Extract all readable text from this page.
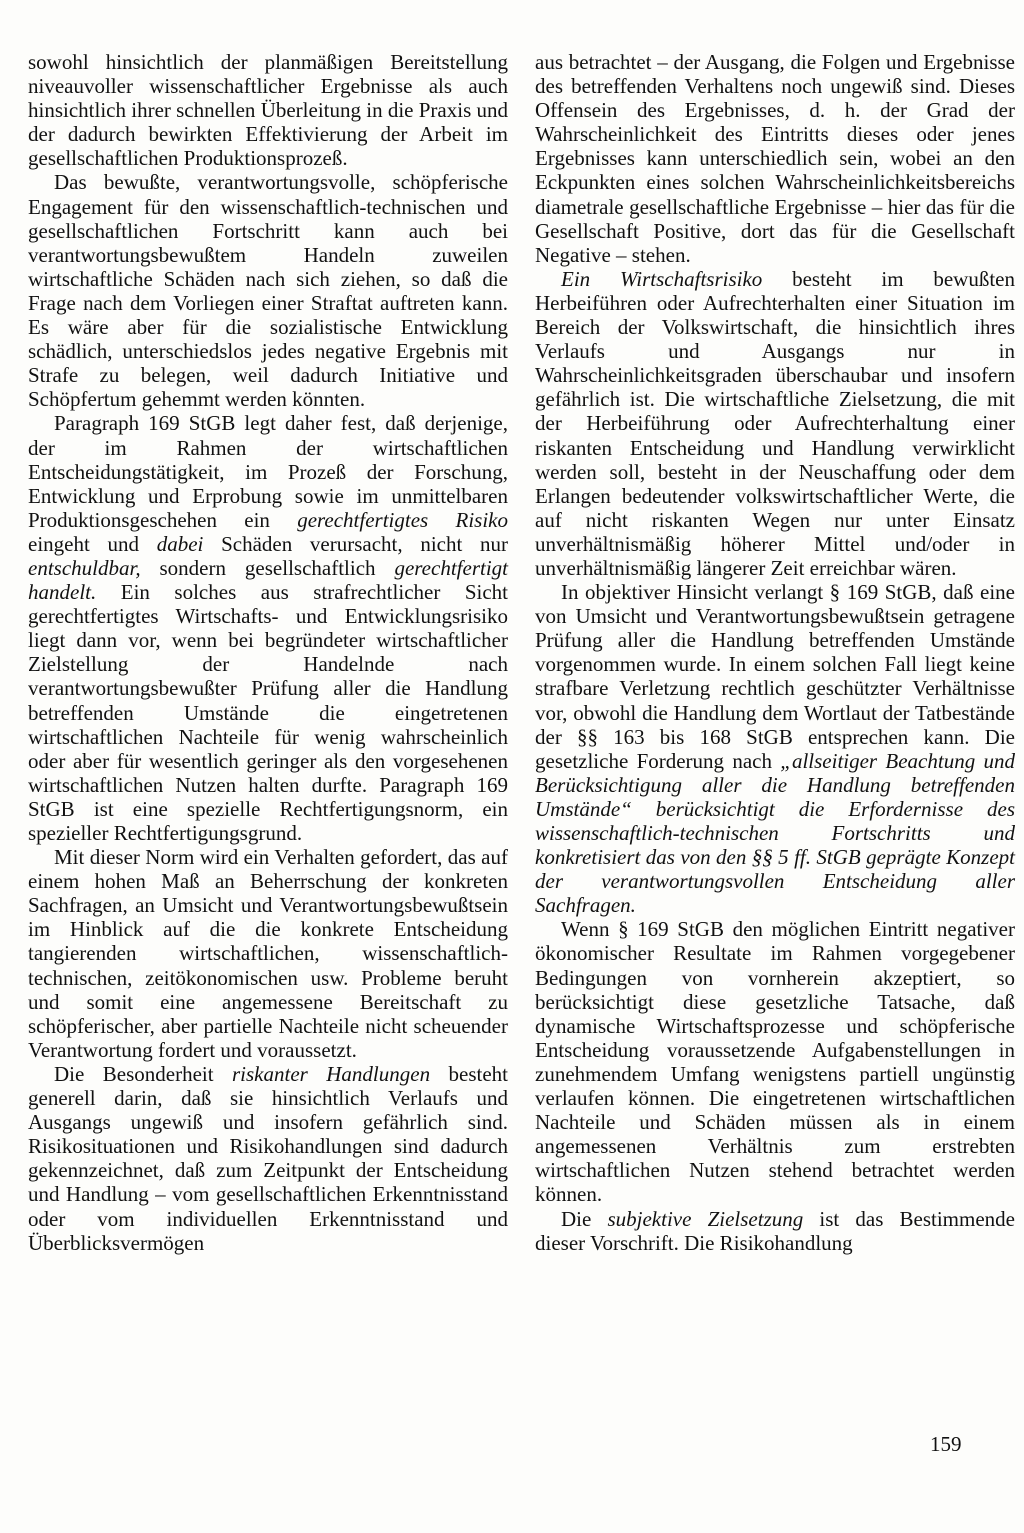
sowohl hinsichtlich der planmäßigen Bereitstellung niveauvoller wissenschaftlicher Ergebnisse als auch hinsichtlich ihrer schnellen Überleitung in die Praxis und der dadurch bewirkten Effektivierung der Arbeit im gesellschaftlichen Produktionsprozeß.

Das bewußte, verantwortungsvolle, schöpferische Engagement für den wissenschaftlich-technischen und gesellschaftlichen Fortschritt kann auch bei verantwortungsbewußtem Handeln zuweilen wirtschaftliche Schäden nach sich ziehen, so daß die Frage nach dem Vorliegen einer Straftat auftreten kann. Es wäre aber für die sozialistische Entwicklung schädlich, unterschiedslos jedes negative Ergebnis mit Strafe zu belegen, weil dadurch Initiative und Schöpfertum gehemmt werden könnten.

Paragraph 169 StGB legt daher fest, daß derjenige, der im Rahmen der wirtschaftlichen Entscheidungstätigkeit, im Prozeß der Forschung, Entwicklung und Erprobung sowie im unmittelbaren Produktionsgeschehen ein gerechtfertigtes Risiko eingeht und dabei Schäden verursacht, nicht nur entschuldbar, sondern gesellschaftlich gerechtfertigt handelt. Ein solches aus strafrechtlicher Sicht gerechtfertigtes Wirtschafts- und Entwicklungsrisiko liegt dann vor, wenn bei begründeter wirtschaftlicher Zielstellung der Handelnde nach verantwortungsbewußter Prüfung aller die Handlung betreffenden Umstände die eingetretenen wirtschaftlichen Nachteile für wenig wahrscheinlich oder aber für wesentlich geringer als den vorgesehenen wirtschaftlichen Nutzen halten durfte. Paragraph 169 StGB ist eine spezielle Rechtfertigungsnorm, ein spezieller Rechtfertigungsgrund.

Mit dieser Norm wird ein Verhalten gefordert, das auf einem hohen Maß an Beherrschung der konkreten Sachfragen, an Umsicht und Verantwortungsbewußtsein im Hinblick auf die die konkrete Entscheidung tangierenden wirtschaftlichen, wissenschaftlich-technischen, zeitökonomischen usw. Probleme beruht und somit eine angemessene Bereitschaft zu schöpferischer, aber partielle Nachteile nicht scheuender Verantwortung fordert und voraussetzt.

Die Besonderheit riskanter Handlungen besteht generell darin, daß sie hinsichtlich Verlaufs und Ausgangs ungewiß und insofern gefährlich sind. Risikosituationen und Risikohandlungen sind dadurch gekennzeichnet, daß zum Zeitpunkt der Entscheidung und Handlung – vom gesellschaftlichen Erkenntnisstand oder vom individuellen Erkenntnisstand und Überblicksvermögen

aus betrachtet – der Ausgang, die Folgen und Ergebnisse des betreffenden Verhaltens noch ungewiß sind. Dieses Offensein des Ergebnisses, d. h. der Grad der Wahrscheinlichkeit des Eintritts dieses oder jenes Ergebnisses kann unterschiedlich sein, wobei an den Eckpunkten eines solchen Wahrscheinlichkeitsbereichs diametrale gesellschaftliche Ergebnisse – hier das für die Gesellschaft Positive, dort das für die Gesellschaft Negative – stehen.

Ein Wirtschaftsrisiko besteht im bewußten Herbeiführen oder Aufrechterhalten einer Situation im Bereich der Volkswirtschaft, die hinsichtlich ihres Verlaufs und Ausgangs nur in Wahrscheinlichkeitsgraden überschaubar und insofern gefährlich ist. Die wirtschaftliche Zielsetzung, die mit der Herbeiführung oder Aufrechterhaltung einer riskanten Entscheidung und Handlung verwirklicht werden soll, besteht in der Neuschaffung oder dem Erlangen bedeutender volkswirtschaftlicher Werte, die auf nicht riskanten Wegen nur unter Einsatz unverhältnismäßig höherer Mittel und/oder in unverhältnismäßig längerer Zeit erreichbar wären.

In objektiver Hinsicht verlangt § 169 StGB, daß eine von Umsicht und Verantwortungsbewußtsein getragene Prüfung aller die Handlung betreffenden Umstände vorgenommen wurde. In einem solchen Fall liegt keine strafbare Verletzung rechtlich geschützter Verhältnisse vor, obwohl die Handlung dem Wortlaut der Tatbestände der §§ 163 bis 168 StGB entsprechen kann. Die gesetzliche Forderung nach „allseitiger Beachtung und Berücksichtigung aller die Handlung betreffenden Umstände“ berücksichtigt die Erfordernisse des wissenschaftlich-technischen Fortschritts und konkretisiert das von den §§ 5 ff. StGB geprägte Konzept der verantwortungsvollen Entscheidung aller Sachfragen.

Wenn § 169 StGB den möglichen Eintritt negativer ökonomischer Resultate im Rahmen vorgegebener Bedingungen von vornherein akzeptiert, so berücksichtigt diese gesetzliche Tatsache, daß dynamische Wirtschaftsprozesse und schöpferische Entscheidung voraussetzende Aufgabenstellungen in zunehmendem Umfang wenigstens partiell ungünstig verlaufen können. Die eingetretenen wirtschaftlichen Nachteile und Schäden müssen als in einem angemessenen Verhältnis zum erstrebten wirtschaftlichen Nutzen stehend betrachtet werden können.

Die subjektive Zielsetzung ist das Bestimmende dieser Vorschrift. Die Risikohandlung

159
